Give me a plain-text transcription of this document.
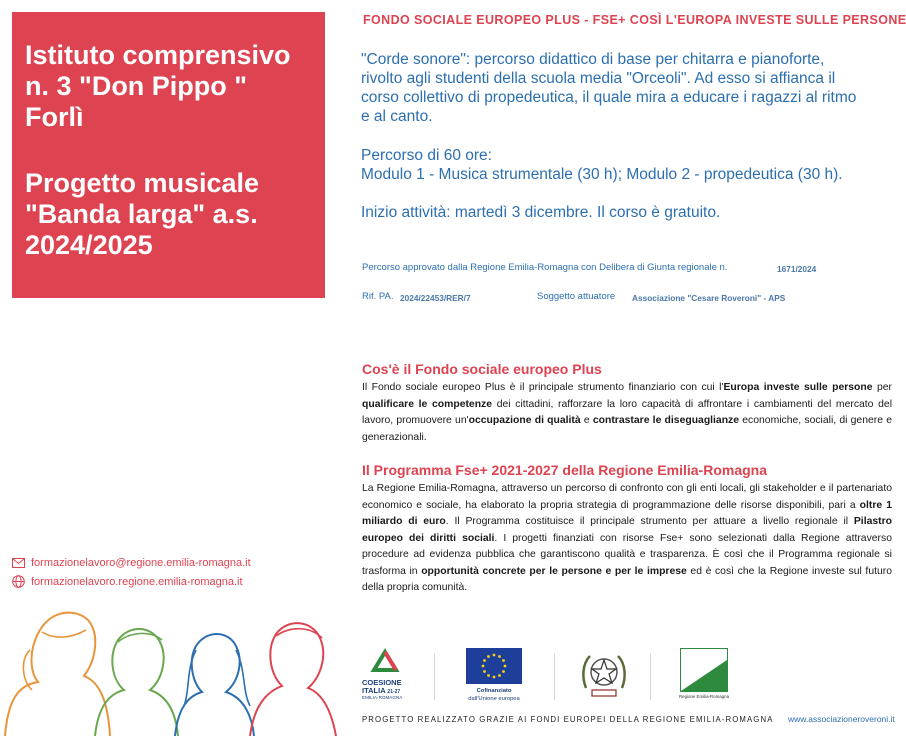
Istituto comprensivo
n. 3 "Don Pippo "
Forlì
Progetto musicale
"Banda larga" a.s.
2024/2025
FONDO SOCIALE EUROPEO PLUS - FSE+ COSÌ L'EUROPA INVESTE SULLE PERSONE
"Corde sonore": percorso didattico di base per chitarra e pianoforte,
rivolto agli studenti della scuola media "Orceoli". Ad esso si affianca il
corso collettivo di propedeutica, il quale mira a educare i ragazzi al ritmo
e al canto.
Percorso di 60 ore:
Modulo 1 - Musica strumentale (30 h); Modulo 2 - propedeutica (30 h).
Inizio attività: martedì 3 dicembre. Il corso è gratuito.
Percorso approvato dalla Regione Emilia-Romagna con Delibera di Giunta regionale n.	1671/2024
Rif. PA. 2024/22453/RER/7	Soggetto attuatore Associazione "Cesare Roveroni" - APS
Cos'è il Fondo sociale europeo Plus
Il Fondo sociale europeo Plus è il principale strumento finanziario con cui l'Europa investe sulle persone per qualificare le competenze dei cittadini, rafforzare la loro capacità di affrontare i cambiamenti del mercato del lavoro, promuovere un'occupazione di qualità e contrastare le diseguaglianze economiche, sociali, di genere e generazionali.
Il Programma Fse+ 2021-2027 della Regione Emilia-Romagna
La Regione Emilia-Romagna, attraverso un percorso di confronto con gli enti locali, gli stakeholder e il partenariato economico e sociale, ha elaborato la propria strategia di programmazione delle risorse disponibili, pari a oltre 1 miliardo di euro. Il Programma costituisce il principale strumento per attuare a livello regionale il Pilastro europeo dei diritti sociali. I progetti finanziati con risorse Fse+ sono selezionati dalla Regione attraverso procedure ad evidenza pubblica che garantiscono qualità e trasparenza. È così che il Programma regionale si trasforma in opportunità concrete per le persone e per le imprese ed è così che la Regione investe sul futuro della propria comunità.
formazionelavoro@regione.emilia-romagna.it
formazionelavoro.regione.emilia-romagna.it
COESIONE
ITALIA 21-27
EMILIA-ROMAGNA
Cofinanziato
dall'Unione europea	Regione Emilia-Romagna
PROGETTO REALIZZATO GRAZIE AI FONDI EUROPEI DELLA REGIONE EMILIA-ROMAGNA www.associazioneroveroni.it
